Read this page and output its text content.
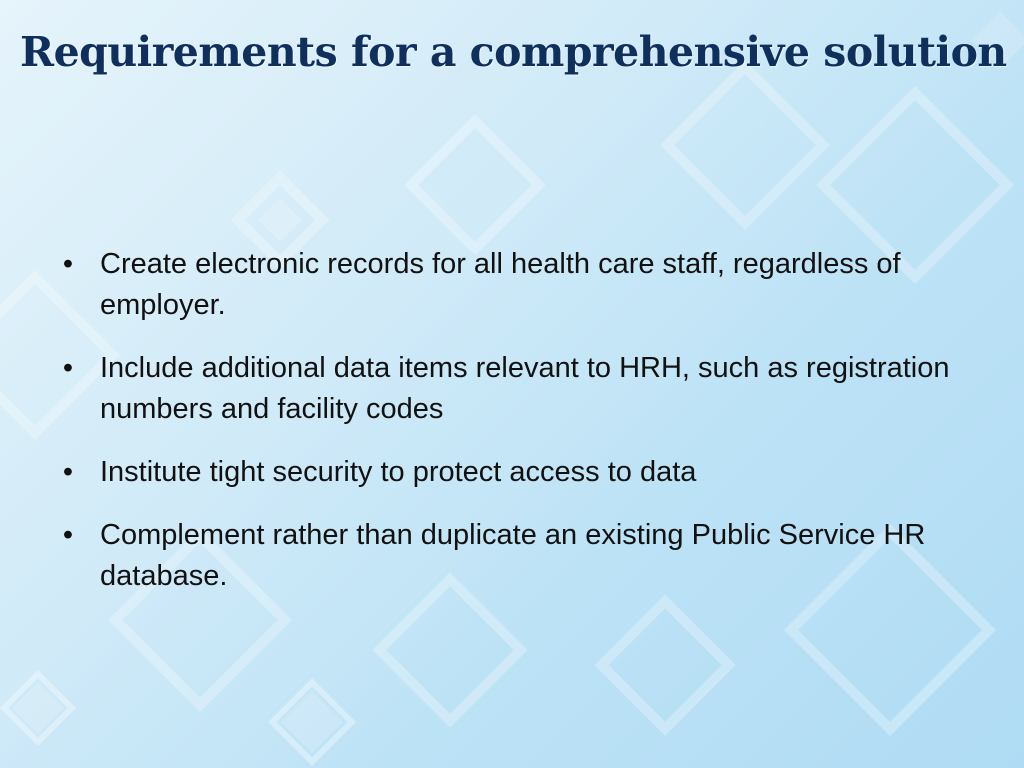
Requirements for a comprehensive solution
• Create electronic records for all health care staff, regardless of employer.
• Include additional data items relevant to HRH, such as registration numbers and facility codes
• Institute tight security to protect access to data
• Complement rather than duplicate an existing Public Service HR database.
